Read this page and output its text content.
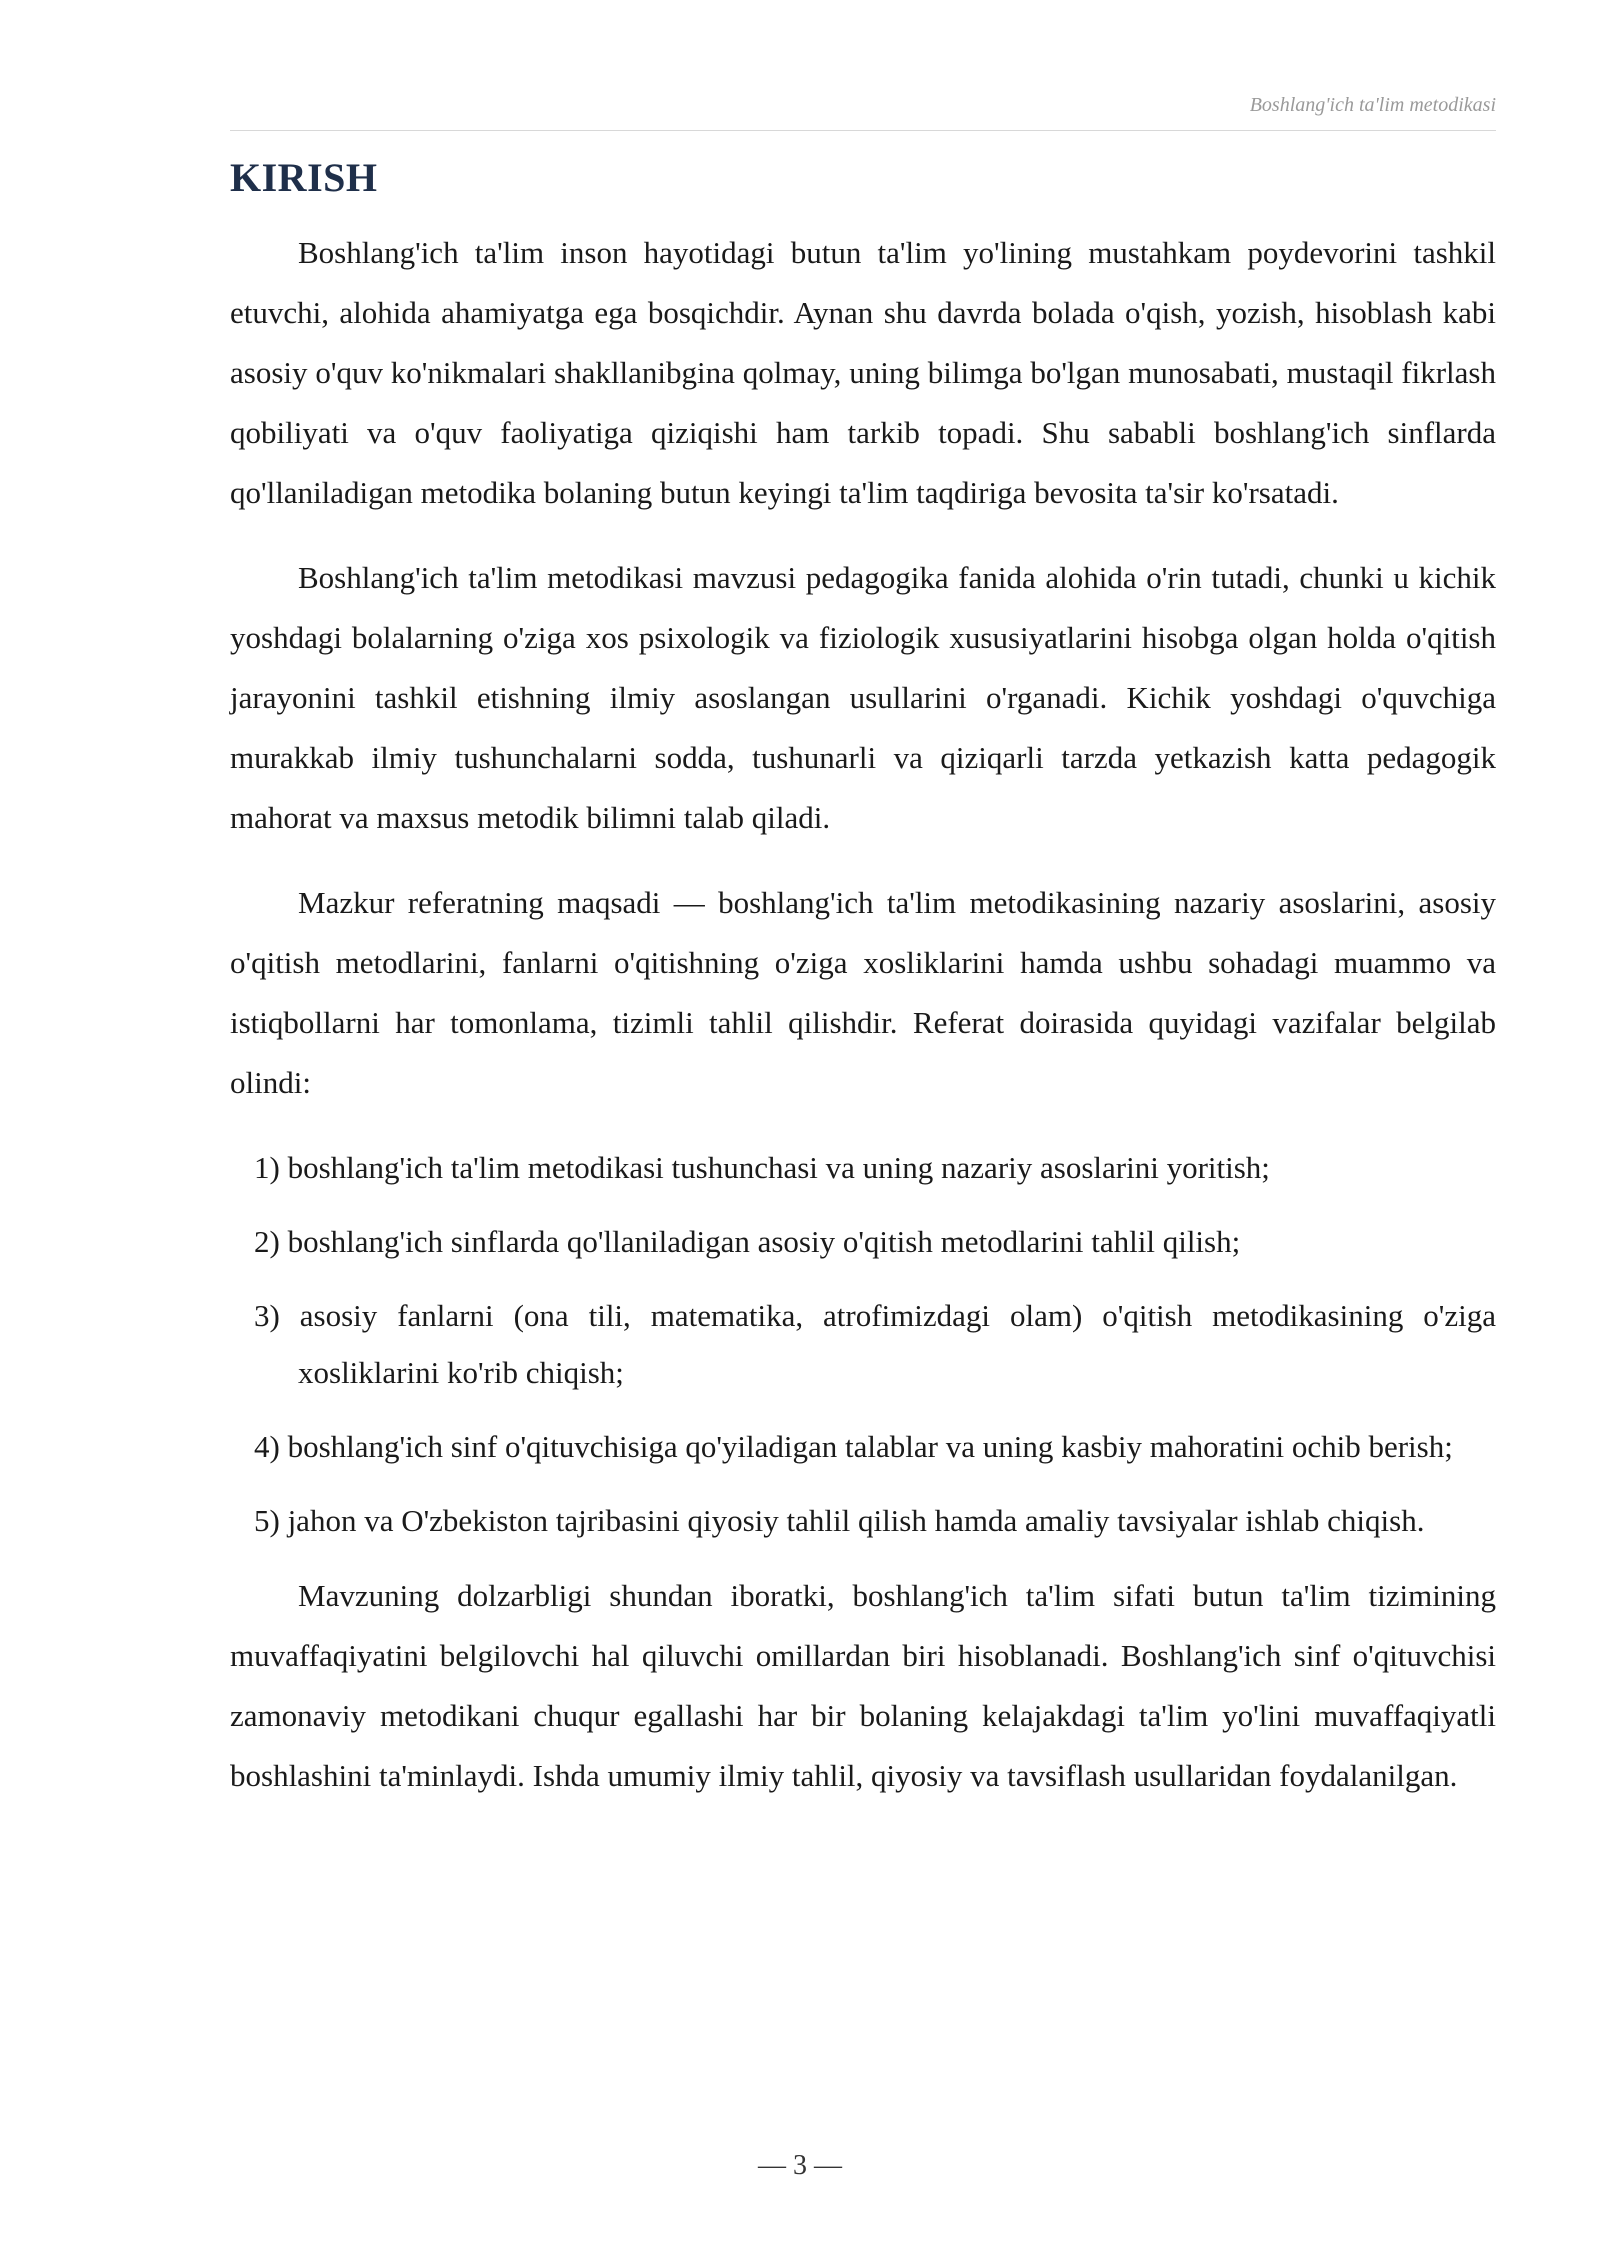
Boshlang'ich ta'lim metodikasi
KIRISH

Boshlang'ich ta'lim inson hayotidagi butun ta'lim yo'lining mustahkam poydevorini tashkil etuvchi, alohida ahamiyatga ega bosqichdir. Aynan shu davrda bolada o'qish, yozish, hisoblash kabi asosiy o'quv ko'nikmalari shakllanibgina qolmay, uning bilimga bo'lgan munosabati, mustaqil fikrlash qobiliyati va o'quv faoliyatiga qiziqishi ham tarkib topadi. Shu sababli boshlang'ich sinflarda qo'llaniladigan metodika bolaning butun keyingi ta'lim taqdiriga bevosita ta'sir ko'rsatadi.

Boshlang'ich ta'lim metodikasi mavzusi pedagogika fanida alohida o'rin tutadi, chunki u kichik yoshdagi bolalarning o'ziga xos psixologik va fiziologik xususiyatlarini hisobga olgan holda o'qitish jarayonini tashkil etishning ilmiy asoslangan usullarini o'rganadi. Kichik yoshdagi o'quvchiga murakkab ilmiy tushunchalarni sodda, tushunarli va qiziqarli tarzda yetkazish katta pedagogik mahorat va maxsus metodik bilimni talab qiladi.

Mazkur referatning maqsadi — boshlang'ich ta'lim metodikasining nazariy asoslarini, asosiy o'qitish metodlarini, fanlarni o'qitishning o'ziga xosliklarini hamda ushbu sohadagi muammo va istiqbollarni har tomonlama, tizimli tahlil qilishdir. Referat doirasida quyidagi vazifalar belgilab olindi:

1) boshlang'ich ta'lim metodikasi tushunchasi va uning nazariy asoslarini yoritish;
2) boshlang'ich sinflarda qo'llaniladigan asosiy o'qitish metodlarini tahlil qilish;
3) asosiy fanlarni (ona tili, matematika, atrofimizdagi olam) o'qitish metodikasining o'ziga xosliklarini ko'rib chiqish;
4) boshlang'ich sinf o'qituvchisiga qo'yiladigan talablar va uning kasbiy mahoratini ochib berish;
5) jahon va O'zbekiston tajribasini qiyosiy tahlil qilish hamda amaliy tavsiyalar ishlab chiqish.

Mavzuning dolzarbligi shundan iboratki, boshlang'ich ta'lim sifati butun ta'lim tizimining muvaffaqiyatini belgilovchi hal qiluvchi omillardan biri hisoblanadi. Boshlang'ich sinf o'qituvchisi zamonaviy metodikani chuqur egallashi har bir bolaning kelajakdagi ta'lim yo'lini muvaffaqiyatli boshlashini ta'minlaydi. Ishda umumiy ilmiy tahlil, qiyosiy va tavsiflash usullaridan foydalanilgan.

— 3 —
